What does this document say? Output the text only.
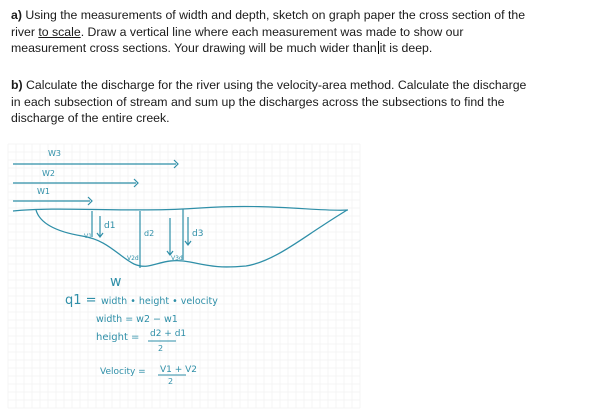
a) Using the measurements of width and depth, sketch on graph paper the cross section of the
river to scale. Draw a vertical line where each measurement was made to show our
measurement cross sections. Your drawing will be much wider than it is deep.
b) Calculate the discharge for the river using the velocity-area method. Calculate the discharge
in each subsection of stream and sum up the discharges across the subsections to find the
discharge of the entire creek.
W3
W2
W1
V1
d1
d2	d3
V2d	V3d
w
q1 = width • height • velocity
width = w2 − w1
height = d2 + d1
2
Velocity = V1 + V2
2
